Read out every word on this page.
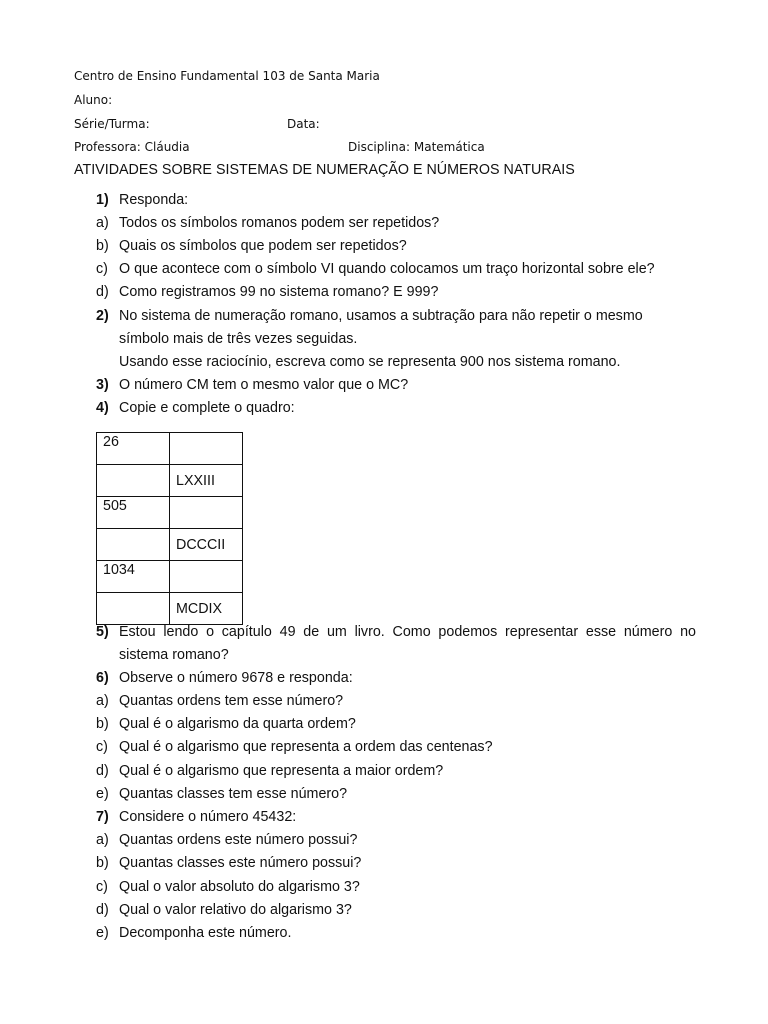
Centro de Ensino Fundamental 103 de Santa Maria
Aluno:
Série/Turma:	Data:
Professora: Cláudia	Disciplina: Matemática
ATIVIDADES SOBRE SISTEMAS DE NUMERAÇÃO E NÚMEROS NATURAIS
1) Responda:
a) Todos os símbolos romanos podem ser repetidos?
b) Quais os símbolos que podem ser repetidos?
c) O que acontece com o símbolo VI quando colocamos um traço horizontal sobre ele?
d) Como registramos 99 no sistema romano? E 999?
2) No sistema de numeração romano, usamos a subtração para não repetir o mesmo símbolo mais de três vezes seguidas.
Usando esse raciocínio, escreva como se representa 900 nos sistema romano.
3) O número CM tem o mesmo valor que o MC?
4) Copie e complete o quadro:
26	
	LXXIII
505	
	DCCCII
1034	
	MCDIX
5) Estou lendo o capítulo 49 de um livro. Como podemos representar esse número no sistema romano?
6) Observe o número 9678 e responda:
a) Quantas ordens tem esse número?
b) Qual é o algarismo da quarta ordem?
c) Qual é o algarismo que representa a ordem das centenas?
d) Qual é o algarismo que representa a maior ordem?
e) Quantas classes tem esse número?
7) Considere o número 45432:
a) Quantas ordens este número possui?
b) Quantas classes este número possui?
c) Qual o valor absoluto do algarismo 3?
d) Qual o valor relativo do algarismo 3?
e) Decomponha este número.
